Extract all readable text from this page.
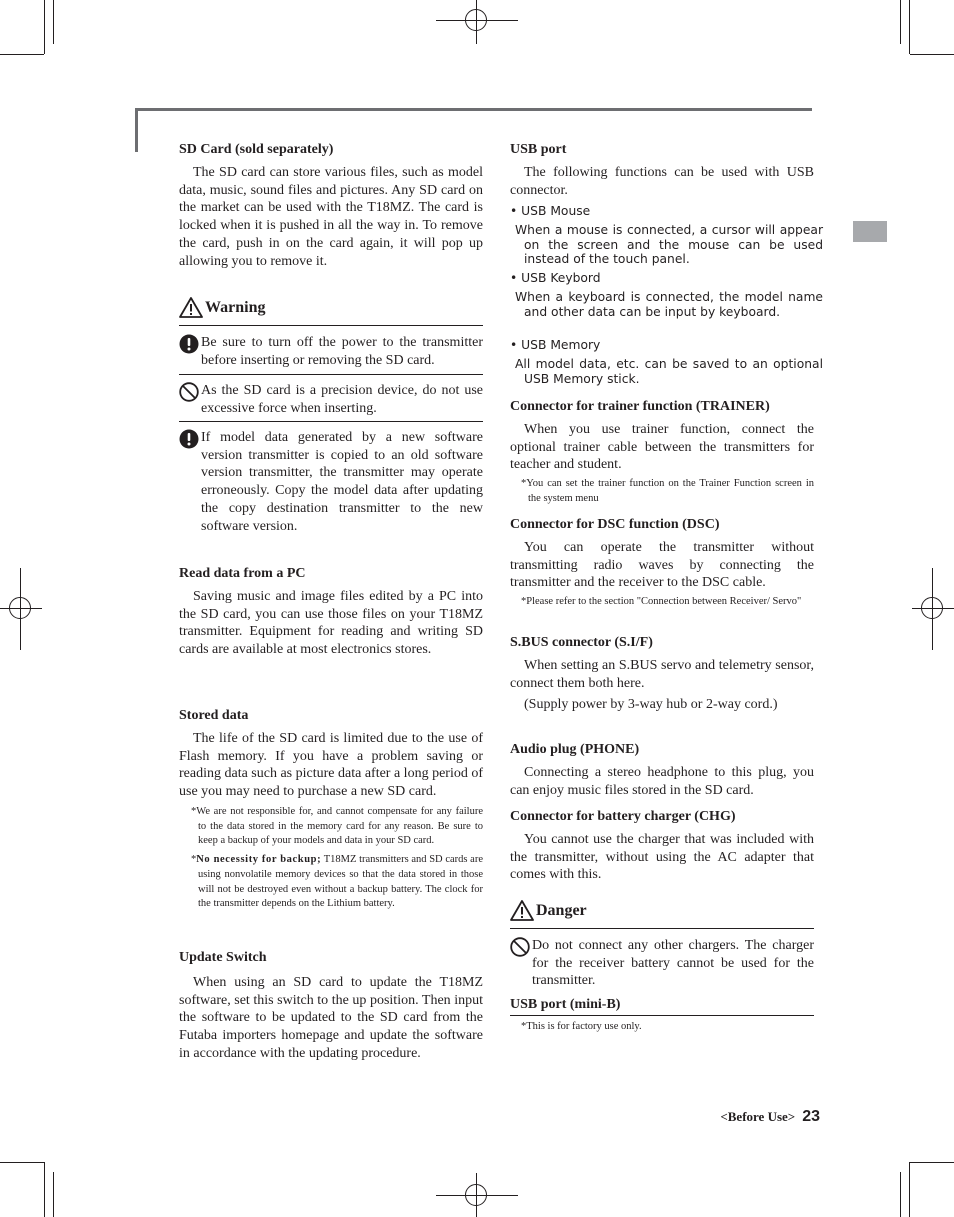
SD Card (sold separately)

The SD card can store various files, such as model data, music, sound files and pictures. Any SD card on the market can be used with the T18MZ. The card is locked when it is pushed in all the way in. To remove the card, push in on the card again, it will pop up allowing you to remove it.

Warning
Be sure to turn off the power to the transmitter before inserting or removing the SD card.
As the SD card is a precision device, do not use excessive force when inserting.
If model data generated by a new software version transmitter is copied to an old software version transmitter, the transmitter may operate erroneously. Copy the model data after updating the copy destination transmitter to the new software version.
Read data from a PC

Saving music and image files edited by a PC into the SD card, you can use those files on your T18MZ transmitter. Equipment for reading and writing SD cards are available at most electronics stores.

Stored data

The life of the SD card is limited due to the use of Flash memory. If you have a problem saving or reading data such as picture data after a long period of use you may need to purchase a new SD card.

*We are not responsible for, and cannot compensate for any failure to the data stored in the memory card for any reason. Be sure to keep a backup of your models and data in your SD card.
*No necessity for backup; T18MZ transmitters and SD cards are using nonvolatile memory devices so that the data stored in those will not be destroyed even without a backup battery. The clock for the transmitter depends on the Lithium battery.
Update Switch

When using an SD card to update the T18MZ software, set this switch to the up position. Then input the software to be updated to the SD card from the Futaba importers homepage and update the software in accordance with the updating procedure.

USB port

The following functions can be used with USB connector.

• USB Mouse
When a mouse is connected, a cursor will appear on the screen and the mouse can be used instead of the touch panel.
• USB Keybord
When a keyboard is connected, the model name and other data can be input by keyboard.
• USB Memory
All model data, etc. can be saved to an optional USB Memory stick.
Connector for trainer function (TRAINER)

When you use trainer function, connect the optional trainer cable between the transmitters for teacher and student.

*You can set the trainer function on the Trainer Function screen in the system menu
Connector for DSC function (DSC)

You can operate the transmitter without transmitting radio waves by connecting the transmitter and the receiver to the DSC cable.

*Please refer to the section "Connection between Receiver/ Servo"
S.BUS connector (S.I/F)

When setting an S.BUS servo and telemetry sensor, connect them both here.

(Supply power by 3-way hub or 2-way cord.)

Audio plug (PHONE)

Connecting a stereo headphone to this plug, you can enjoy music files stored in the SD card.

Connector for battery charger (CHG)

You cannot use the charger that was included with the transmitter, without using the AC adapter that comes with this.

Danger
Do not connect any other chargers. The charger for the receiver battery cannot be used for the transmitter.
USB port (mini-B)
*This is for factory use only.
<Before Use> 23
